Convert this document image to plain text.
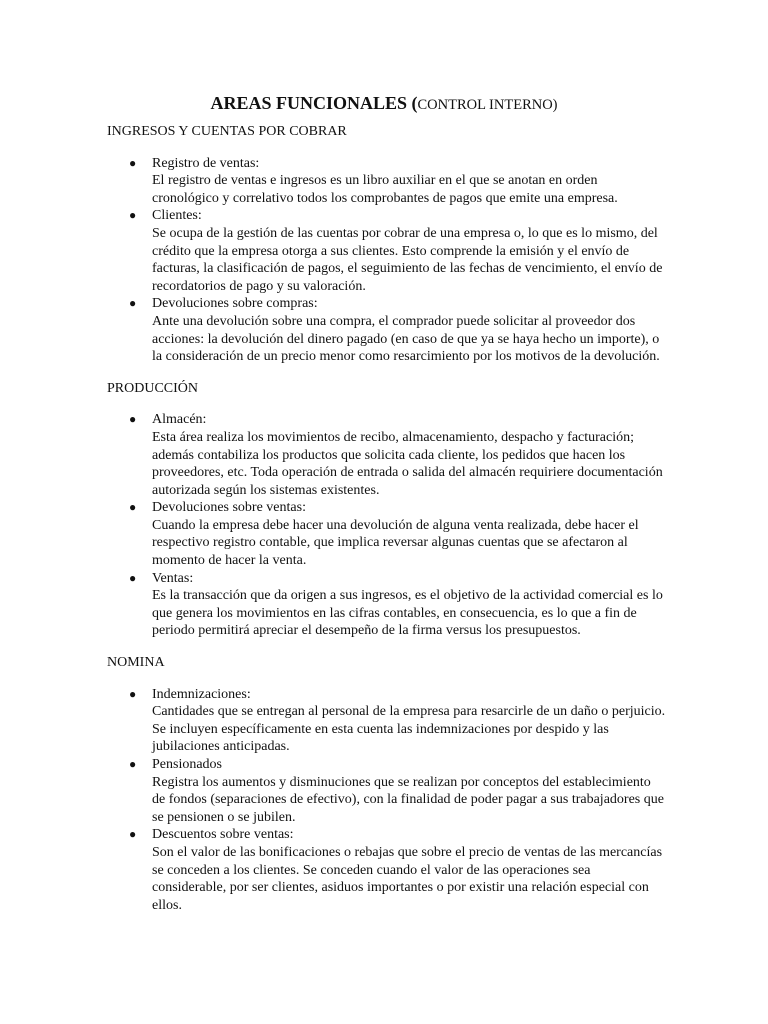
AREAS FUNCIONALES (CONTROL INTERNO)

INGRESOS Y CUENTAS POR COBRAR

● Registro de ventas:
El registro de ventas e ingresos es un libro auxiliar en el que se anotan en orden cronológico y correlativo todos los comprobantes de pagos que emite una empresa.
● Clientes:
Se ocupa de la gestión de las cuentas por cobrar de una empresa o, lo que es lo mismo, del crédito que la empresa otorga a sus clientes. Esto comprende la emisión y el envío de facturas, la clasificación de pagos, el seguimiento de las fechas de vencimiento, el envío de recordatorios de pago y su valoración.
● Devoluciones sobre compras:
Ante una devolución sobre una compra, el comprador puede solicitar al proveedor dos acciones: la devolución del dinero pagado (en caso de que ya se haya hecho un importe), o la consideración de un precio menor como resarcimiento por los motivos de la devolución.

PRODUCCIÓN

● Almacén:
Esta área realiza los movimientos de recibo, almacenamiento, despacho y facturación; además contabiliza los productos que solicita cada cliente, los pedidos que hacen los proveedores, etc. Toda operación de entrada o salida del almacén requiriere documentación autorizada según los sistemas existentes.
● Devoluciones sobre ventas:
Cuando la empresa debe hacer una devolución de alguna venta realizada, debe hacer el respectivo registro contable, que implica reversar algunas cuentas que se afectaron al momento de hacer la venta.
● Ventas:
Es la transacción que da origen a sus ingresos, es el objetivo de la actividad comercial es lo que genera los movimientos en las cifras contables, en consecuencia, es lo que a fin de periodo permitirá apreciar el desempeño de la firma versus los presupuestos.

NOMINA

● Indemnizaciones:
Cantidades que se entregan al personal de la empresa para resarcirle de un daño o perjuicio. Se incluyen específicamente en esta cuenta las indemnizaciones por despido y las jubilaciones anticipadas.
● Pensionados
Registra los aumentos y disminuciones que se realizan por conceptos del establecimiento de fondos (separaciones de efectivo), con la finalidad de poder pagar a sus trabajadores que se pensionen o se jubilen.
● Descuentos sobre ventas:
Son el valor de las bonificaciones o rebajas que sobre el precio de ventas de las mercancías se conceden a los clientes. Se conceden cuando el valor de las operaciones sea considerable, por ser clientes, asiduos importantes o por existir una relación especial con ellos.
